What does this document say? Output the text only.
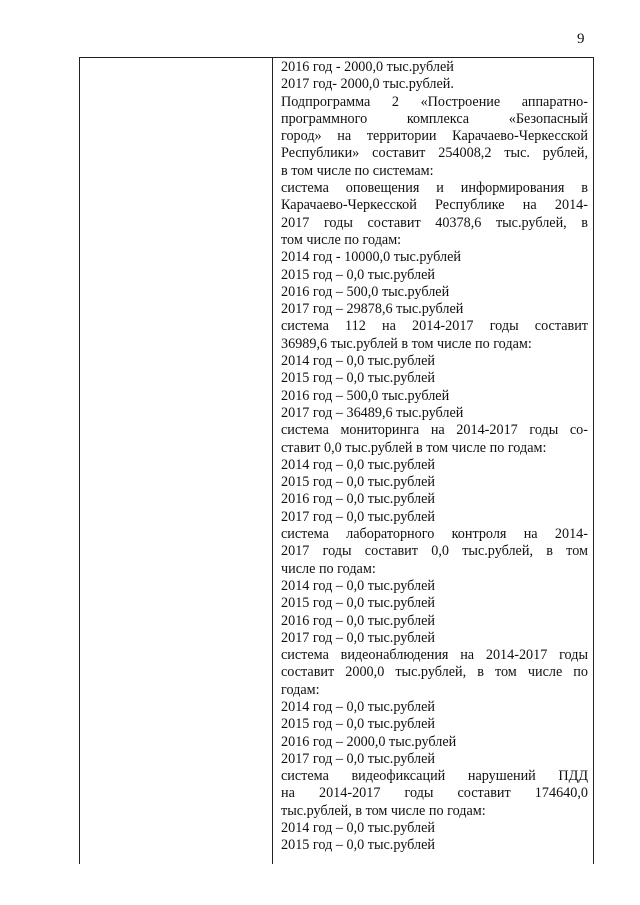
9
2016 год - 2000,0 тыс.рублей
2017 год- 2000,0 тыс.рублей.
Подпрограмма 2 «Построение аппаратно-
программного комплекса «Безопасный
город» на территории Карачаево-Черкесской
Республики» составит 254008,2 тыс. рублей,
в том числе по системам:
система оповещения и информирования в
Карачаево-Черкесской Республике на 2014-
2017 годы составит 40378,6 тыс.рублей, в
том числе по годам:
2014 год - 10000,0 тыс.рублей
2015 год – 0,0 тыс.рублей
2016 год – 500,0 тыс.рублей
2017 год – 29878,6 тыс.рублей
система 112 на 2014-2017 годы составит
36989,6 тыс.рублей в том числе по годам:
2014 год – 0,0 тыс.рублей
2015 год – 0,0 тыс.рублей
2016 год – 500,0 тыс.рублей
2017 год – 36489,6 тыс.рублей
система мониторинга на 2014-2017 годы со-
ставит 0,0 тыс.рублей в том числе по годам:
2014 год – 0,0 тыс.рублей
2015 год – 0,0 тыс.рублей
2016 год – 0,0 тыс.рублей
2017 год – 0,0 тыс.рублей
система лабораторного контроля на 2014-
2017 годы составит 0,0 тыс.рублей, в том
числе по годам:
2014 год – 0,0 тыс.рублей
2015 год – 0,0 тыс.рублей
2016 год – 0,0 тыс.рублей
2017 год – 0,0 тыс.рублей
система видеонаблюдения на 2014-2017 годы
составит 2000,0 тыс.рублей, в том числе по
годам:
2014 год – 0,0 тыс.рублей
2015 год – 0,0 тыс.рублей
2016 год – 2000,0 тыс.рублей
2017 год – 0,0 тыс.рублей
система видеофиксаций нарушений ПДД
на 2014-2017 годы составит 174640,0
тыс.рублей, в том числе по годам:
2014 год – 0,0 тыс.рублей
2015 год – 0,0 тыс.рублей
